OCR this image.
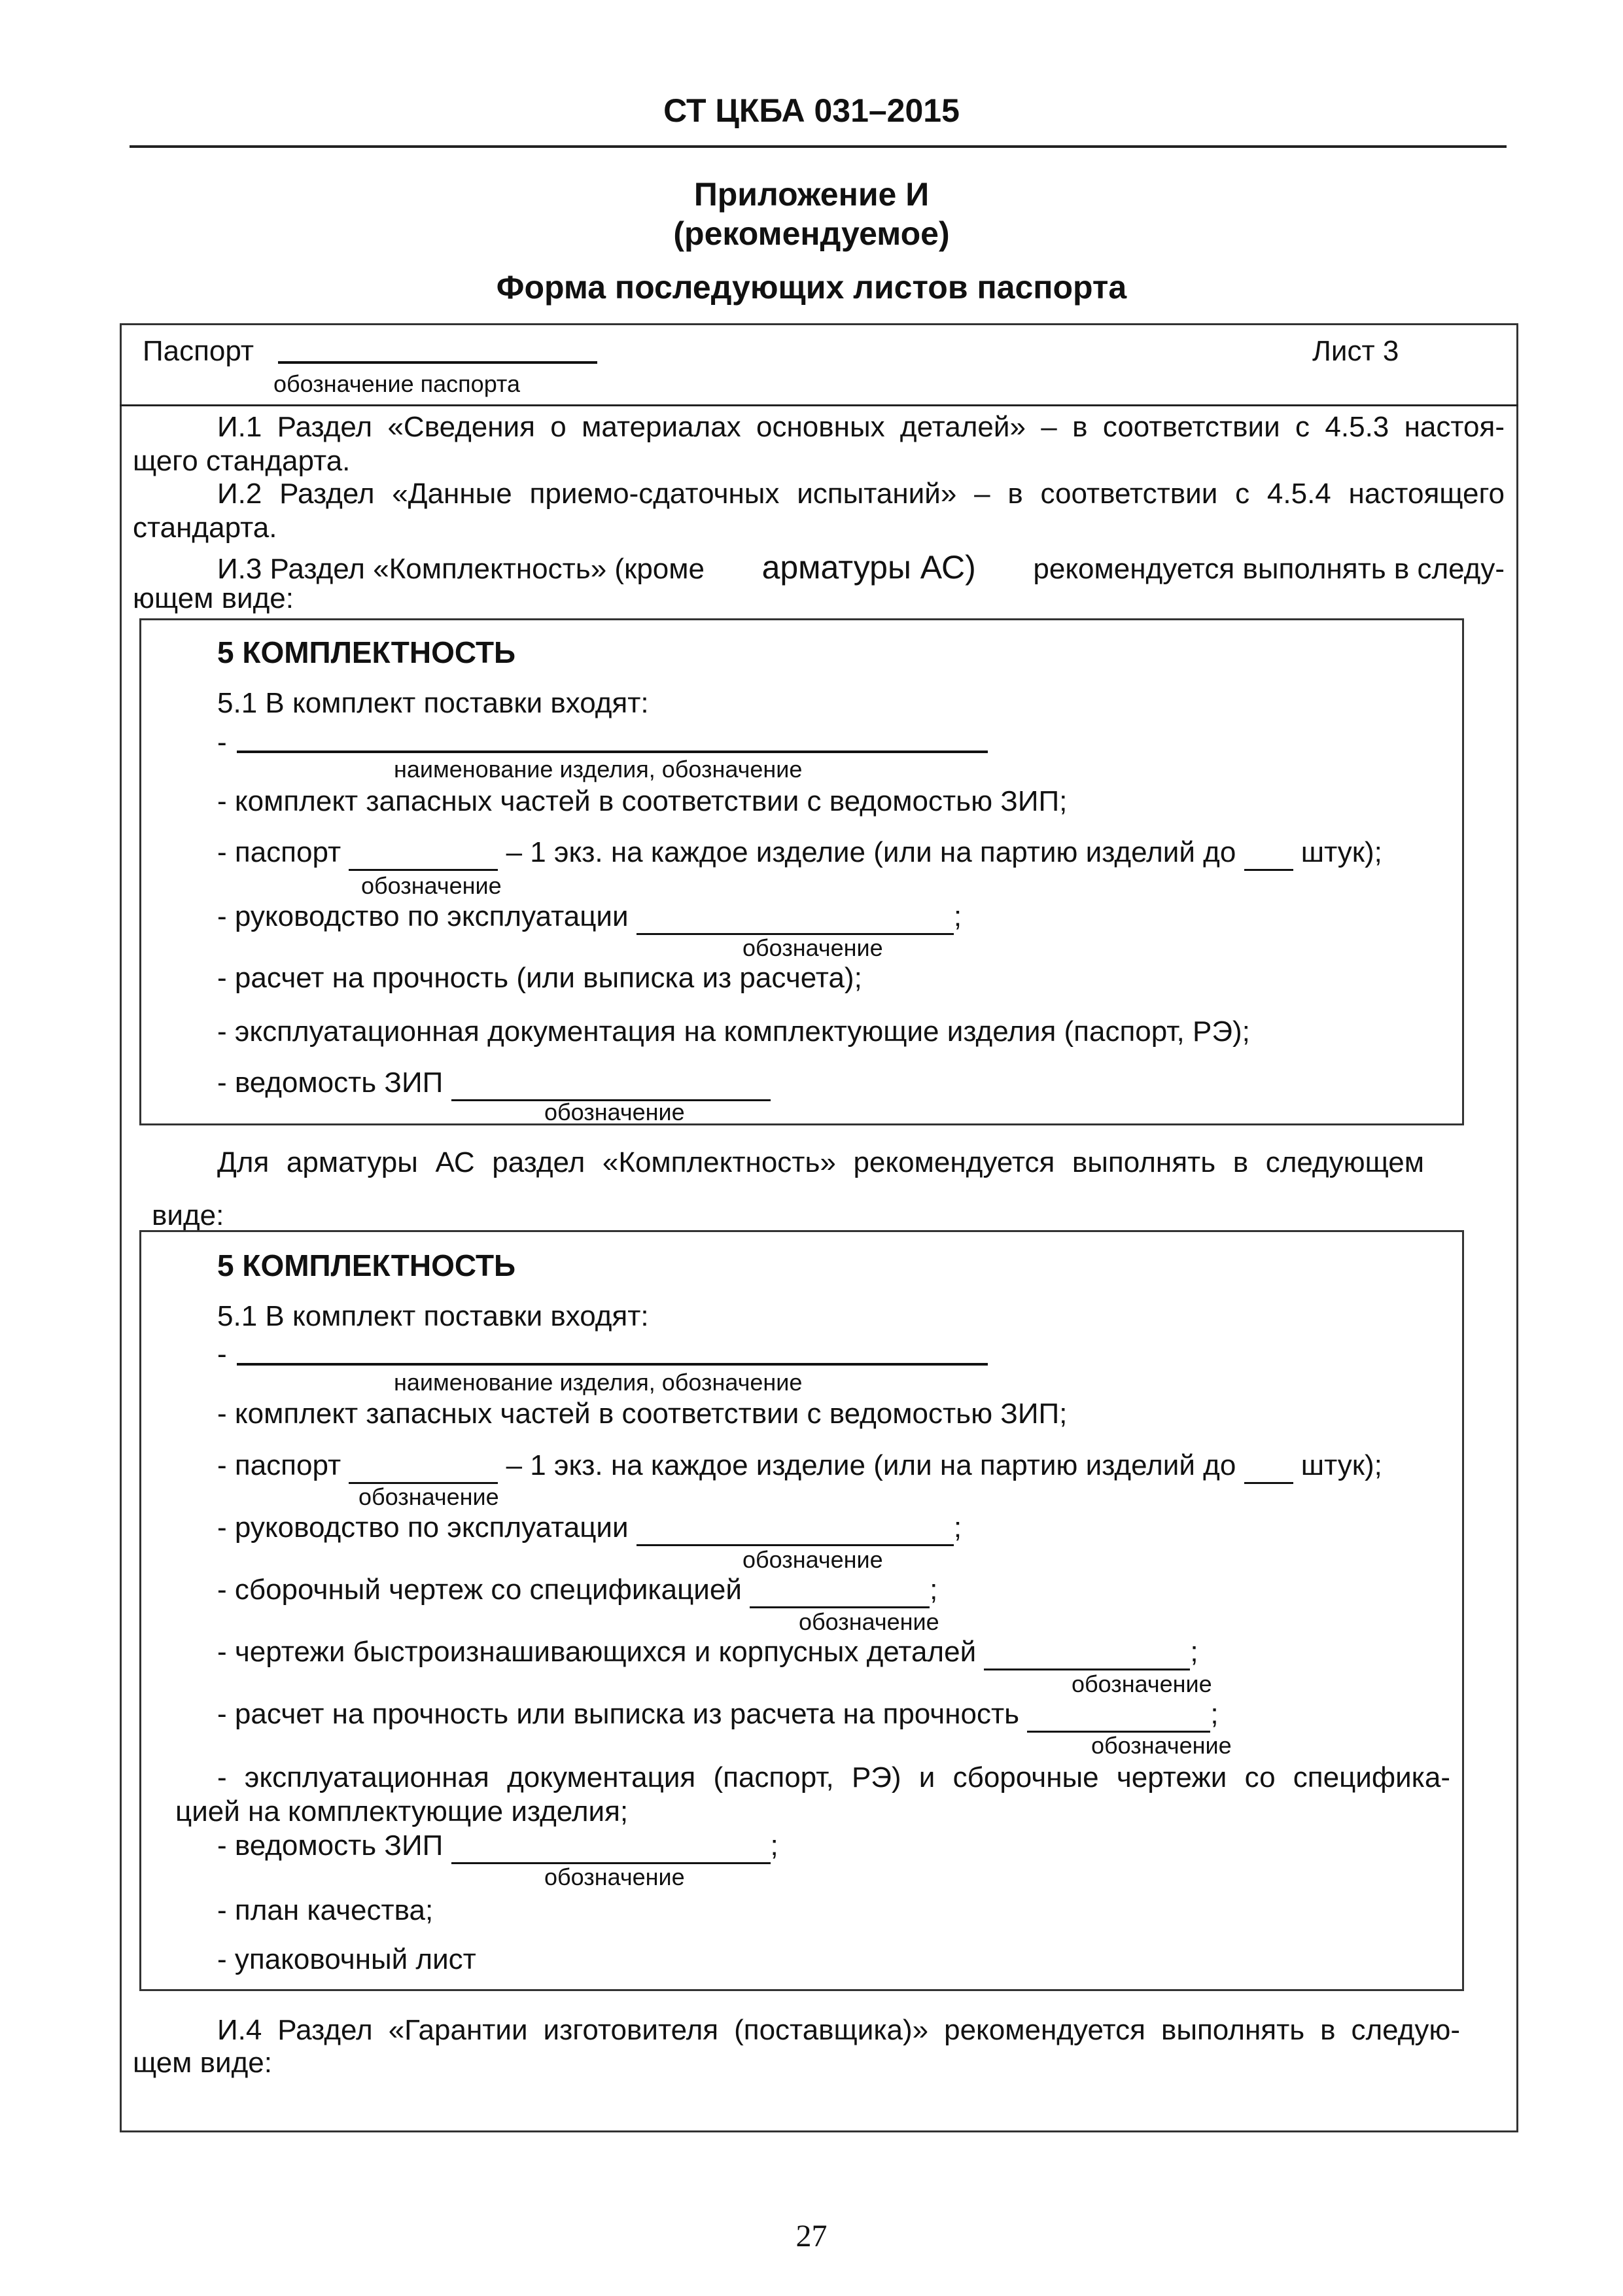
СТ ЦКБА 031–2015
Приложение И
(рекомендуемое)
Форма последующих листов паспорта
Паспорт
обозначение паспорта
Лист 3
И.1 Раздел «Сведения о материалах основных деталей» – в соответствии с 4.5.3 настоя-
щего стандарта.
И.2 Раздел «Данные приемо-сдаточных испытаний» – в соответствии с 4.5.4 настоящего
стандарта.
И.3 Раздел «Комплектность» (кроме арматуры АС) рекомендуется выполнять в следу-
ющем виде:
5 КОМПЛЕКТНОСТЬ
5.1 В комплект поставки входят:
-
наименование изделия, обозначение
- комплект запасных частей в соответствии с ведомостью ЗИП;
- паспорт	– 1 экз. на каждое изделие (или на партию изделий до штук);
обозначение
- руководство по эксплуатации	;
обозначение
- расчет на прочность (или выписка из расчета);
- эксплуатационная документация на комплектующие изделия (паспорт, РЭ);
- ведомость ЗИП
обозначение
Для арматуры АС раздел «Комплектность» рекомендуется выполнять в следующем
виде:
5 КОМПЛЕКТНОСТЬ
5.1 В комплект поставки входят:
-
наименование изделия, обозначение
- комплект запасных частей в соответствии с ведомостью ЗИП;
- паспорт	– 1 экз. на каждое изделие (или на партию изделий до штук);
обозначение
- руководство по эксплуатации	;
обозначение
- сборочный чертеж со спецификацией	;
обозначение
- чертежи быстроизнашивающихся и корпусных деталей	;
обозначение
- расчет на прочность или выписка из расчета на прочность	;
обозначение
- эксплуатационная документация (паспорт, РЭ) и сборочные чертежи со специфика-
цией на комплектующие изделия;
- ведомость ЗИП	;
обозначение
- план качества;
- упаковочный лист
И.4 Раздел «Гарантии изготовителя (поставщика)» рекомендуется выполнять в следую-
щем виде:
27
